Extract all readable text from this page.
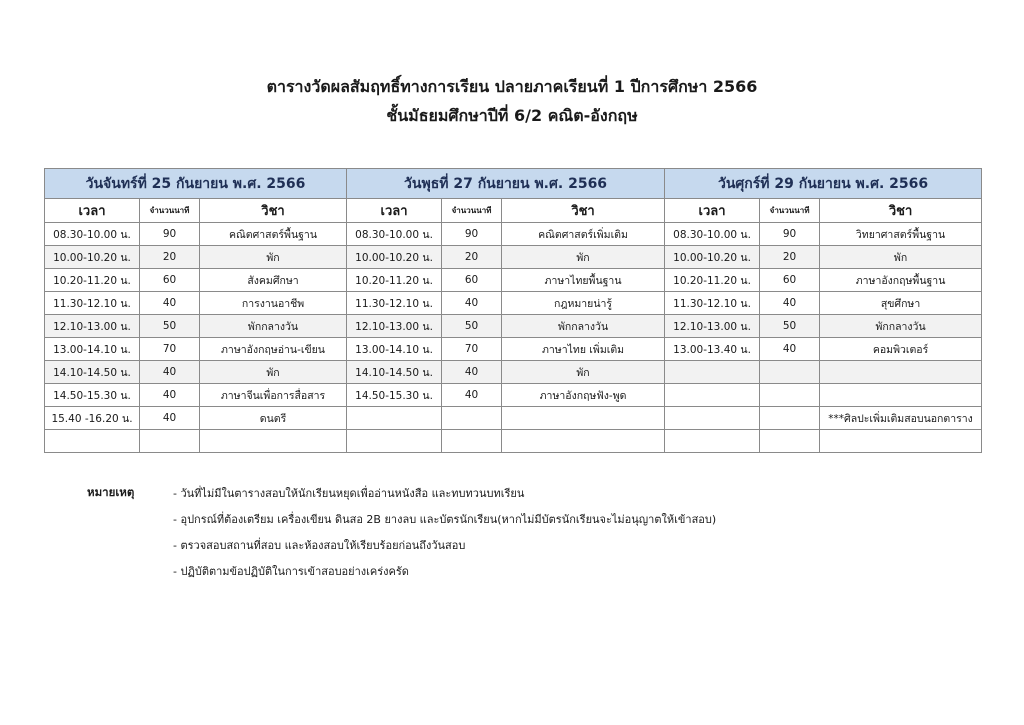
ตารางวัดผลสัมฤทธิ์ทางการเรียน ปลายภาคเรียนที่ 1 ปีการศึกษา 2566
ชั้นมัธยมศึกษาปีที่ 6/2 คณิต-อังกฤษ
วันจันทร์ที่ 25 กันยายน พ.ศ. 2566			วันพุธที่ 27 กันยายน พ.ศ. 2566			วันศุกร์ที่ 29 กันยายน พ.ศ. 2566		
เวลา	จำนวนนาที	วิชา	เวลา	จำนวนนาที	วิชา	เวลา	จำนวนนาที	วิชา
08.30-10.00 น.	90	คณิตศาสตร์พื้นฐาน	08.30-10.00 น.	90	คณิตศาสตร์เพิ่มเติม	08.30-10.00 น.	90	วิทยาศาสตร์พื้นฐาน
10.00-10.20 น.	20	พัก	10.00-10.20 น.	20	พัก	10.00-10.20 น.	20	พัก
10.20-11.20 น.	60	สังคมศึกษา	10.20-11.20 น.	60	ภาษาไทยพื้นฐาน	10.20-11.20 น.	60	ภาษาอังกฤษพื้นฐาน
11.30-12.10 น.	40	การงานอาชีพ	11.30-12.10 น.	40	กฎหมายน่ารู้	11.30-12.10 น.	40	สุขศึกษา
12.10-13.00 น.	50	พักกลางวัน	12.10-13.00 น.	50	พักกลางวัน	12.10-13.00 น.	50	พักกลางวัน
13.00-14.10 น.	70	ภาษาอังกฤษอ่าน-เขียน	13.00-14.10 น.	70	ภาษาไทย เพิ่มเติม	13.00-13.40 น.	40	คอมพิวเตอร์
14.10-14.50 น.	40	พัก	14.10-14.50 น.	40	พัก			
14.50-15.30 น.	40	ภาษาจีนเพื่อการสื่อสาร	14.50-15.30 น.	40	ภาษาอังกฤษฟัง-พูด			
15.40 -16.20 น.	40	ดนตรี						***ศิลปะเพิ่มเติมสอบนอกตาราง

หมายเหตุ	- วันที่ไม่มีในตารางสอบให้นักเรียนหยุดเพื่ออ่านหนังสือ และทบทวนบทเรียน
- อุปกรณ์ที่ต้องเตรียม เครื่องเขียน ดินสอ 2B ยางลบ และบัตรนักเรียน(หากไม่มีบัตรนักเรียนจะไม่อนุญาตให้เข้าสอบ)
- ตรวจสอบสถานที่สอบ และห้องสอบให้เรียบร้อยก่อนถึงวันสอบ
- ปฏิบัติตามข้อปฏิบัติในการเข้าสอบอย่างเคร่งครัด
